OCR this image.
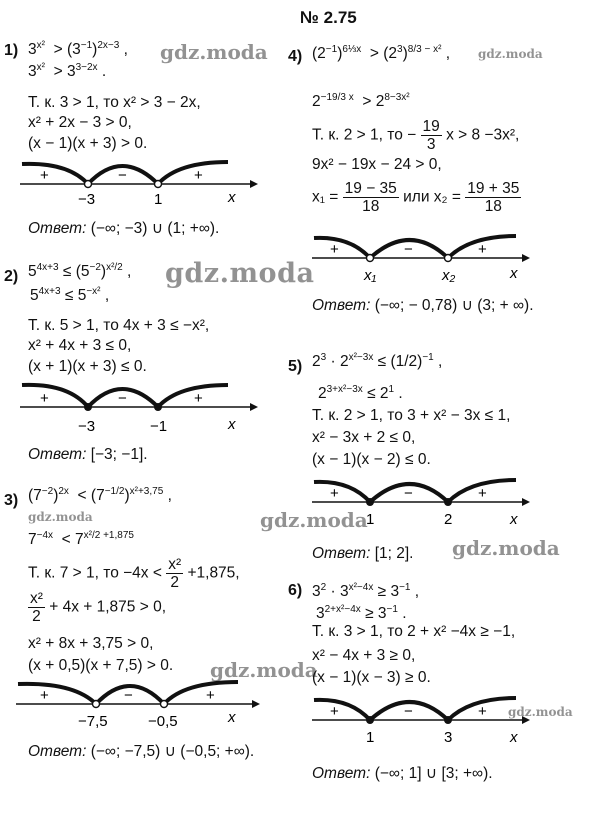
№ 2.75
1) $3^{x^2} > (3^{-1})^{2x-3}$ ,
$3^{x^2} > 3^{3-2x}$ .
Т. к. 3 > 1, то x² > 3 − 2x,
x² + 2x − 3 > 0,
(x − 1)(x + 3) > 0.
gdz.moda
+	−	+
−3	1	x
Ответ: (−∞; −3) ∪ (1; +∞).
2) $5^{4x+3} \le (5^{-2})^{x^2/2}$ ,
$5^{4x+3} \le 5^{-x^2}$ ,
Т. к. 5 > 1, то 4x + 3 ≤ −x²,
x² + 4x + 3 ≤ 0,
(x + 1)(x + 3) ≤ 0.
gdz.moda
+	−	+
−3	−1	x
Ответ: [−3; −1].
3) $(7^{-2})^{2x} < (7^{-1/2})^{x^2+3,75}$ ,
gdz.moda
$7^{-4x} < 7^{x^2/2 +1,875}$
Т. к. 7 > 1, то $-4x < \frac{\text{x²}}{2} +1,875$,
$\frac{\text{x²}}{2} + 4x + 1,875 > 0$,
x² + 8x + 3,75 > 0,
(x + 0,5)(x + 7,5) > 0. gdz.moda
+	−	+
−7,5	−0,5	x
Ответ: (−∞; −7,5) ∪ (−0,5; +∞).
4) $(2^{-1})^{6\frac{1}{3}x} > (2^3)^{8/3 - x^2}$ , gdz.moda
$2^{-19/3 x} > 2^{8-3x^2}$
Т. к. 2 > 1, то − $\frac{19}{3}$ x > 8 −3x²,
9x² − 19x − 24 > 0,
$x_1 = \frac{19 - 35}{18}$ или $x_2 = \frac{19 + 35}{18}$
+	−	+
x₁	x₂	x
Ответ: (−∞; − 0,78) ∪ (3; + ∞).
5) $2^3 \cdot 2^{x^2-3x} \le (1/2)^{-1}$ ,
$2^{3+x^2-3x} \le 2^1$ .
Т. к. 2 > 1, то 3 + x² − 3x ≤ 1,
x² − 3x + 2 ≤ 0,
(x − 1)(x − 2) ≤ 0.
+	−	+
1	2	x
gdz.moda
Ответ: [1; 2]. gdz.moda
6) $3^2 \cdot 3^{x^2-4x} \ge 3^{-1}$ ,
$3^{2+x^2-4x} \ge 3^{-1}$ .
Т. к. 3 > 1, то 2 + x² −4x ≥ −1,
x² − 4x + 3 ≥ 0,
(x − 1)(x − 3) ≥ 0.
gdz.moda
+	−	+
1	3	x
Ответ: (−∞; 1] ∪ [3; +∞).
